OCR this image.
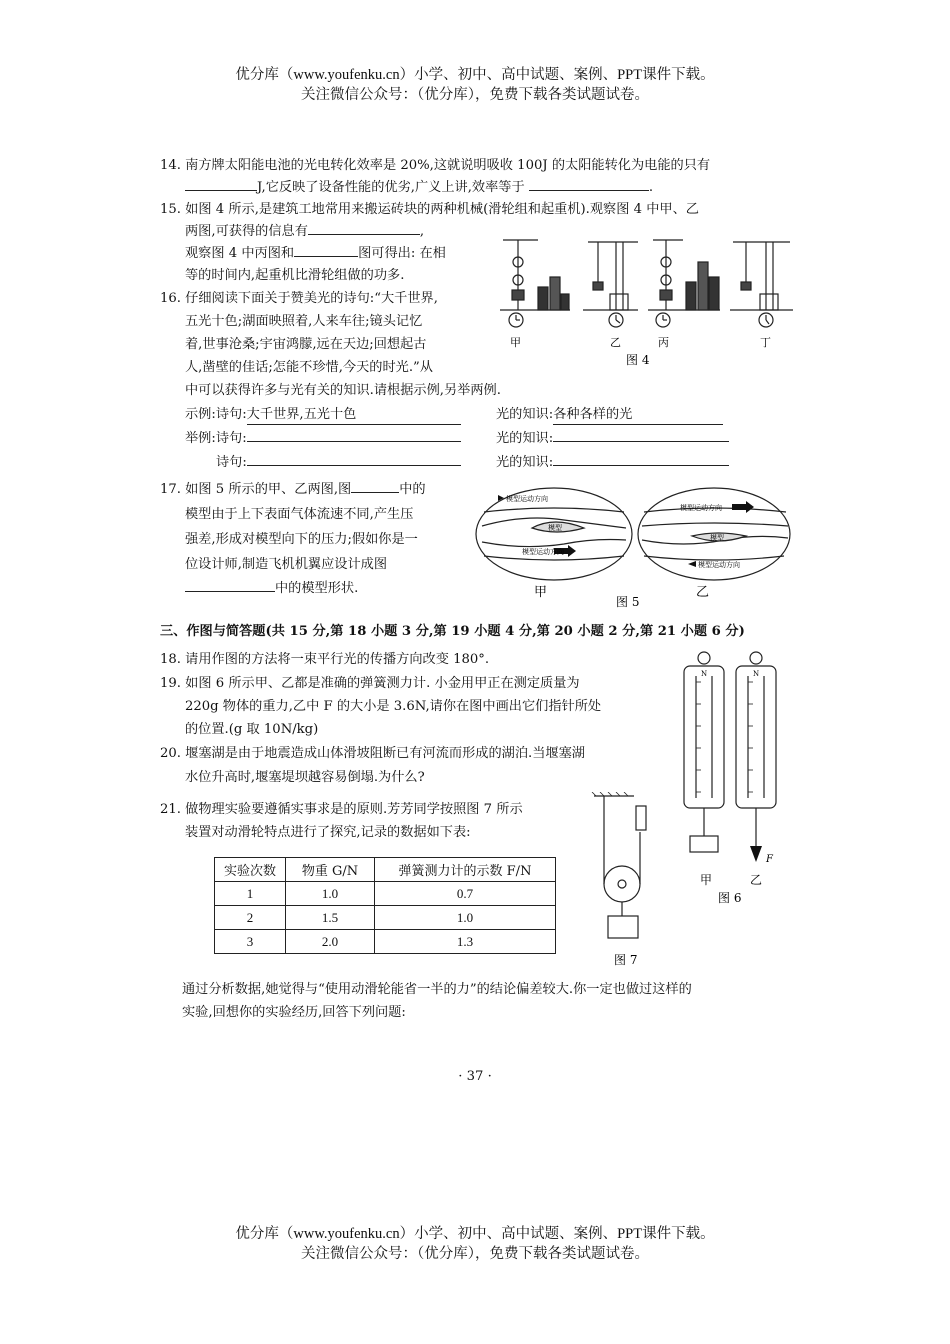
优分库（www.youfenku.cn）小学、初中、高中试题、案例、PPT课件下载。
关注微信公众号：（优分库），免费下载各类试题试卷。
14. 南方牌太阳能电池的光电转化效率是 20%,这就说明吸收 100J 的太阳能转化为电能的只有
J,它反映了设备性能的优劣,广义上讲,效率等于	.
15. 如图 4 所示,是建筑工地常用来搬运砖块的两种机械(滑轮组和起重机).观察图 4 中甲、乙
两图,可获得的信息有	,
观察图 4 中丙图和	图可得出: 在相
等的时间内,起重机比滑轮组做的功多.
甲	乙	丙	丁
图 4
16. 仔细阅读下面关于赞美光的诗句:“大千世界,
五光十色;湖面映照着,人来车往;镜头记忆
着,世事沧桑;宇宙鸿朦,远在天边;回想起古
人,凿壁的佳话;怎能不珍惜,今天的时光.”从
中可以获得许多与光有关的知识.请根据示例,另举两例.
示例:诗句:大千世界,五光十色	光的知识:各种各样的光
举例:诗句:	光的知识:
诗句:	光的知识:
17. 如图 5 所示的甲、乙两图,图	中的
模型由于上下表面气体流速不同,产生压
强差,形成对模型向下的压力;假如你是一
位设计师,制造飞机机翼应设计成图
中的模型形状.
模型运动方向
模型运动方向
模型运动方向
模型运动方向
模型
模型
甲
图 5
乙
三、作图与简答题(共 15 分,第 18 小题 3 分,第 19 小题 4 分,第 20 小题 2 分,第 21 小题 6 分)
18. 请用作图的方法将一束平行光的传播方向改变 180°.
19. 如图 6 所示甲、乙都是准确的弹簧测力计. 小金用甲正在测定质量为
220g 物体的重力,乙中 F 的大小是 3.6N,请你在图中画出它们指针所处
的位置.(g 取 10N/kg)
20. 堰塞湖是由于地震造成山体滑坡阻断已有河流而形成的湖泊.当堰塞湖
水位升高时,堰塞堤坝越容易倒塌.为什么?
21. 做物理实验要遵循实事求是的原则.芳芳同学按照图 7 所示
装置对动滑轮特点进行了探究,记录的数据如下表:
实验次数	物重 G/N	弹簧测力计的示数 F/N
1	1.0	0.7
2	1.5	1.0
3	2.0	1.3
N	N
F
甲	乙
图 6
图 7
通过分析数据,她觉得与“使用动滑轮能省一半的力”的结论偏差较大.你一定也做过这样的
实验,回想你的实验经历,回答下列问题:
· 37 ·
优分库（www.youfenku.cn）小学、初中、高中试题、案例、PPT课件下载。
关注微信公众号：（优分库），免费下载各类试题试卷。
